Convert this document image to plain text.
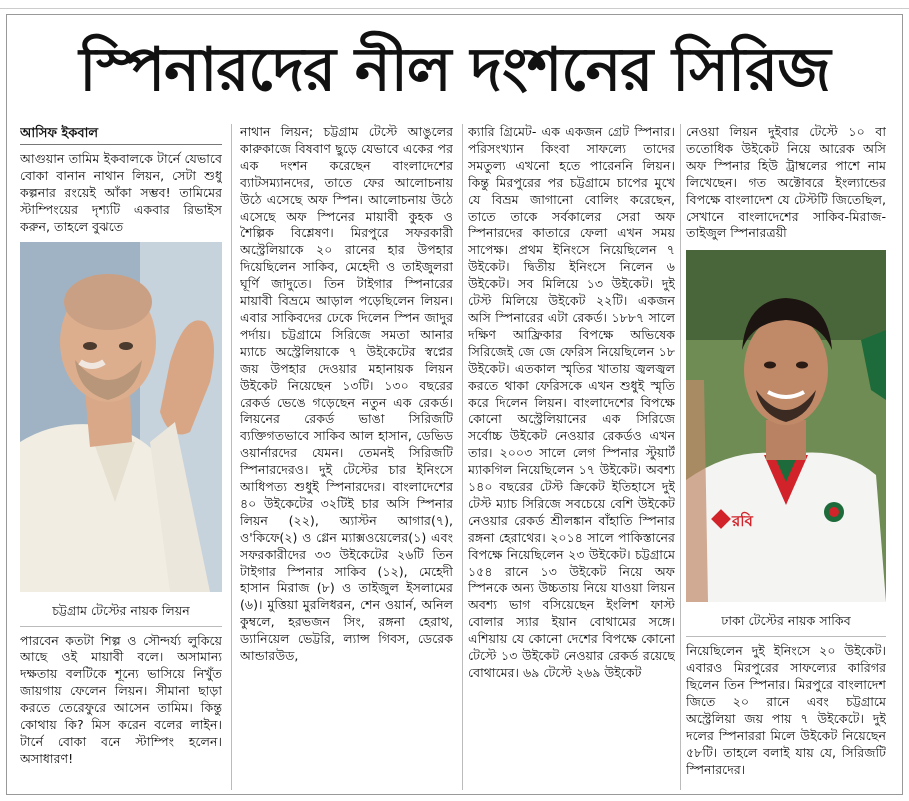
স্পিনারদের নীল দংশনের সিরিজ
আসিফ ইকবাল

আগুয়ান তামিম ইকবালকে টার্নে যেভাবে বোকা বানান নাথান লিয়ন, সেটা শুধু কল্পনার রংয়েই আঁকা সম্ভব! তামিমের স্টাম্পিংয়ের দৃশ্যটি একবার রিভাইস করুন, তাহলে বুঝতে

চট্টগ্রাম টেস্টের নায়ক লিয়ন

পারবেন কতটা শিল্প ও সৌন্দর্য্য লুকিয়ে আছে ওই মায়াবী বলে। অসামান্য দক্ষতায় বলটিকে শূন্যে ভাসিয়ে নিখুঁত জায়গায় ফেলেন লিয়ন। সীমানা ছাড়া করতে তেরেফুরে আসেন তামিম। কিন্তু কোথায় কি? মিস করেন বলের লাইন। টার্নে বোকা বনে স্টাম্পিং হলেন। অসাধারণ!

নাথান লিয়ন; চট্টগ্রাম টেস্টে আঙুলের কারুকাজে বিষবাণ ছুড়ে যেভাবে একের পর এক দংশন করেছেন বাংলাদেশের ব্যাটসম্যানদের, তাতে ফের আলোচনায় উঠে এসেছে অফ স্পিন। আলোচনায় উঠে এসেছে অফ স্পিনের মায়াবী কুহক ও শৈল্পিক বিশ্লেষণ। মিরপুরে সফরকারী অস্ট্রেলিয়াকে ২০ রানের হার উপহার দিয়েছিলেন সাকিব, মেহেদী ও তাইজুলরা ঘূর্ণি জাদুতে। তিন টাইগার স্পিনারের মায়াবী বিভ্রমে আড়াল পড়েছিলেন লিয়ন। এবার সাকিবদের ঢেকে দিলেন স্পিন জাদুর পর্দায়। চট্টগ্রামে সিরিজে সমতা আনার ম্যাচে অস্ট্রেলিয়াকে ৭ উইকেটের স্বপ্নের জয় উপহার দেওয়ার মহানায়ক লিয়ন উইকেট নিয়েছেন ১৩টি। ১৩০ বছরের রেকর্ড ভেঙে গড়েছেন নতুন এক রেকর্ড। লিয়নের রেকর্ড ভাঙা সিরিজটি ব্যক্তিগতভাবে সাকিব আল হাসান, ডেভিড ওয়ার্নারদের যেমন। তেমনই সিরিজটি স্পিনারদেরও। দুই টেস্টের চার ইনিংসে আধিপত্য শুধুই স্পিনারদের। বাংলাদেশের ৪০ উইকেটের ৩২টিই চার অসি স্পিনার লিয়ন (২২), অ্যাস্টন আগার(৭), ও'কিফে(২) ও গ্লেন ম্যাক্সওয়েলের(১) এবং সফরকারীদের ৩৩ উইকেটের ২৬টি তিন টাইগার স্পিনার সাকিব (১২), মেহেদী হাসান মিরাজ (৮) ও তাইজুল ইসলামের (৬)। মুত্তিয়া মুরলিধরন, শেন ওয়ার্ন, অনিল কুম্বলে, হরভজন সিং, রঙ্গনা হেরাথ, ড্যানিয়েল ভেট্টরি, ল্যান্স গিবস, ডেরেক আন্ডারউড,

ক্যারি গ্রিমেট- এক একজন গ্রেট স্পিনার। পরিসংখ্যান কিংবা সাফল্যে তাদের সমতুল্য এখনো হতে পারেননি লিয়ন। কিন্তু মিরপুরের পর চট্টগ্রামে চাপের মুখে যে বিভ্রম জাগানো বোলিং করেছেন, তাতে তাকে সর্বকালের সেরা অফ স্পিনারদের কাতারে ফেলা এখন সময় সাপেক্ষ। প্রথম ইনিংসে নিয়েছিলেন ৭ উইকেট। দ্বিতীয় ইনিংসে নিলেন ৬ উইকেট। সব মিলিয়ে ১৩ উইকেট। দুই টেস্ট মিলিয়ে উইকেট ২২টি। একজন অসি স্পিনারের এটা রেকর্ড। ১৮৮৭ সালে দক্ষিণ আফ্রিকার বিপক্ষে অভিষেক সিরিজেই জে জে ফেরিস নিয়েছিলেন ১৮ উইকেট। এতকাল স্মৃতির খাতায় জ্বলজ্বল করতে থাকা ফেরিসকে এখন শুধুই স্মৃতি করে দিলেন লিয়ন। বাংলাদেশের বিপক্ষে কোনো অস্ট্রেলিয়ানের এক সিরিজে সর্বোচ্চ উইকেট নেওয়ার রেকর্ডও এখন তার। ২০০৩ সালে লেগ স্পিনার স্টুয়ার্ট ম্যাকগিল নিয়েছিলেন ১৭ উইকেট। অবশ্য ১৪০ বছরের টেস্ট ক্রিকেট ইতিহাসে দুই টেস্ট ম্যাচ সিরিজে সবচেয়ে বেশি উইকেট নেওয়ার রেকর্ড শ্রীলঙ্কান বাঁহাতি স্পিনার রঙ্গনা হেরাথের। ২০১৪ সালে পাকিস্তানের বিপক্ষে নিয়েছিলেন ২৩ উইকেট। চট্টগ্রামে ১৫৪ রানে ১৩ উইকেট নিয়ে অফ স্পিনকে অন্য উচ্চতায় নিয়ে যাওয়া লিয়ন অবশ্য ভাগ বসিয়েছেন ইংলিশ ফাস্ট বোলার স্যার ইয়ান বোথামের সঙ্গে। এশিয়ায় যে কোনো দেশের বিপক্ষে কোনো টেস্টে ১৩ উইকেট নেওয়ার রেকর্ড রয়েছে বোথামের। ৬৯ টেস্টে ২৬৯ উইকেট

নেওয়া লিয়ন দুইবার টেস্টে ১০ বা ততোধিক উইকেট নিয়ে আরেক অসি অফ স্পিনার হিউ ট্রাম্বলের পাশে নাম লিখেছেন। গত অক্টোবরে ইংল্যান্ডের বিপক্ষে বাংলাদেশ যে টেস্টটি জিতেছিল, সেখানে বাংলাদেশের সাকিব-মিরাজ-তাইজুল স্পিনারত্রয়ী

রবি
ঢাকা টেস্টের নায়ক সাকিব

নিয়েছিলেন দুই ইনিংসে ২০ উইকেট। এবারও মিরপুরের সাফল্যের কারিগর ছিলেন তিন স্পিনার। মিরপুরে বাংলাদেশ জিতে ২০ রানে এবং চট্টগ্রামে অস্ট্রেলিয়া জয় পায় ৭ উইকেটে। দুই দলের স্পিনাররা মিলে উইকেট নিয়েছেন ৫৮টি। তাহলে বলাই যায় যে, সিরিজটি স্পিনারদের।
